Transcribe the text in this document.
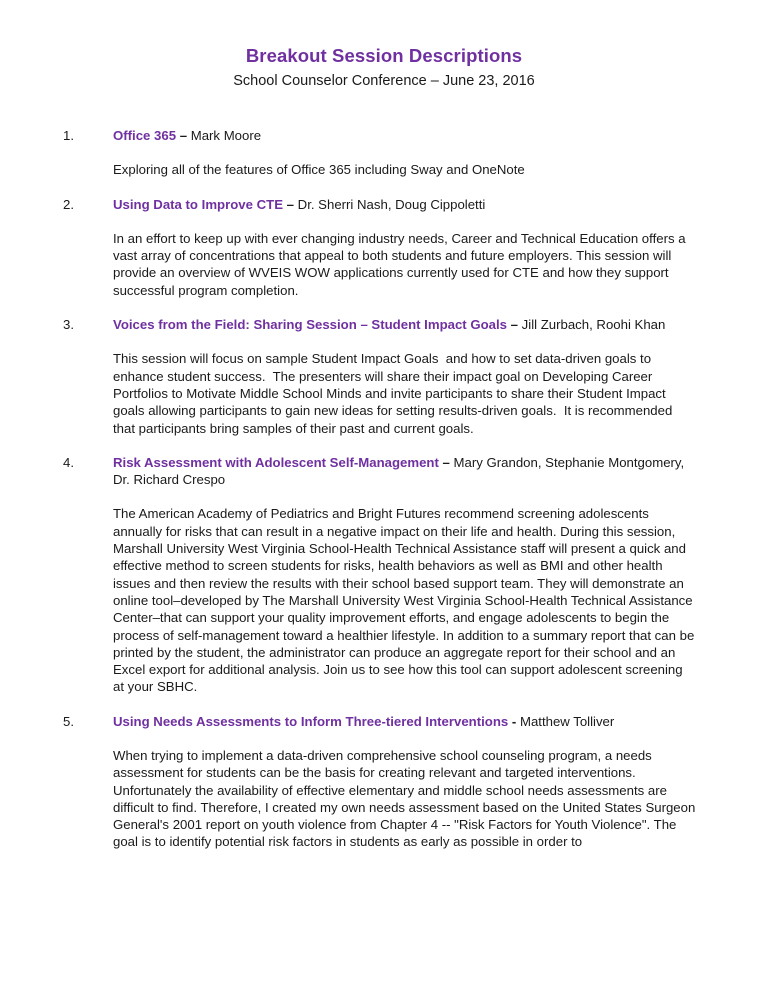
Breakout Session Descriptions
School Counselor Conference – June 23, 2016
1.	Office 365 – Mark Moore

Exploring all of the features of Office 365 including Sway and OneNote

2.	Using Data to Improve CTE – Dr. Sherri Nash, Doug Cippoletti

In an effort to keep up with ever changing industry needs, Career and Technical Education offers a vast array of concentrations that appeal to both students and future employers. This session will provide an overview of WVEIS WOW applications currently used for CTE and how they support successful program completion.

3.	Voices from the Field: Sharing Session – Student Impact Goals – Jill Zurbach, Roohi Khan

This session will focus on sample Student Impact Goals  and how to set data-driven goals to enhance student success.  The presenters will share their impact goal on Developing Career Portfolios to Motivate Middle School Minds and invite participants to share their Student Impact goals allowing participants to gain new ideas for setting results-driven goals.  It is recommended that participants bring samples of their past and current goals.

4.	Risk Assessment with Adolescent Self-Management – Mary Grandon, Stephanie Montgomery, Dr. Richard Crespo

The American Academy of Pediatrics and Bright Futures recommend screening adolescents annually for risks that can result in a negative impact on their life and health. During this session, Marshall University West Virginia School-Health Technical Assistance staff will present a quick and effective method to screen students for risks, health behaviors as well as BMI and other health issues and then review the results with their school based support team. They will demonstrate an online tool–developed by The Marshall University West Virginia School-Health Technical Assistance Center–that can support your quality improvement efforts, and engage adolescents to begin the process of self-management toward a healthier lifestyle. In addition to a summary report that can be printed by the student, the administrator can produce an aggregate report for their school and an Excel export for additional analysis. Join us to see how this tool can support adolescent screening at your SBHC.

5.	Using Needs Assessments to Inform Three-tiered Interventions - Matthew Tolliver

When trying to implement a data-driven comprehensive school counseling program, a needs assessment for students can be the basis for creating relevant and targeted interventions. Unfortunately the availability of effective elementary and middle school needs assessments are difficult to find. Therefore, I created my own needs assessment based on the United States Surgeon General's 2001 report on youth violence from Chapter 4 -- "Risk Factors for Youth Violence". The goal is to identify potential risk factors in students as early as possible in order to
